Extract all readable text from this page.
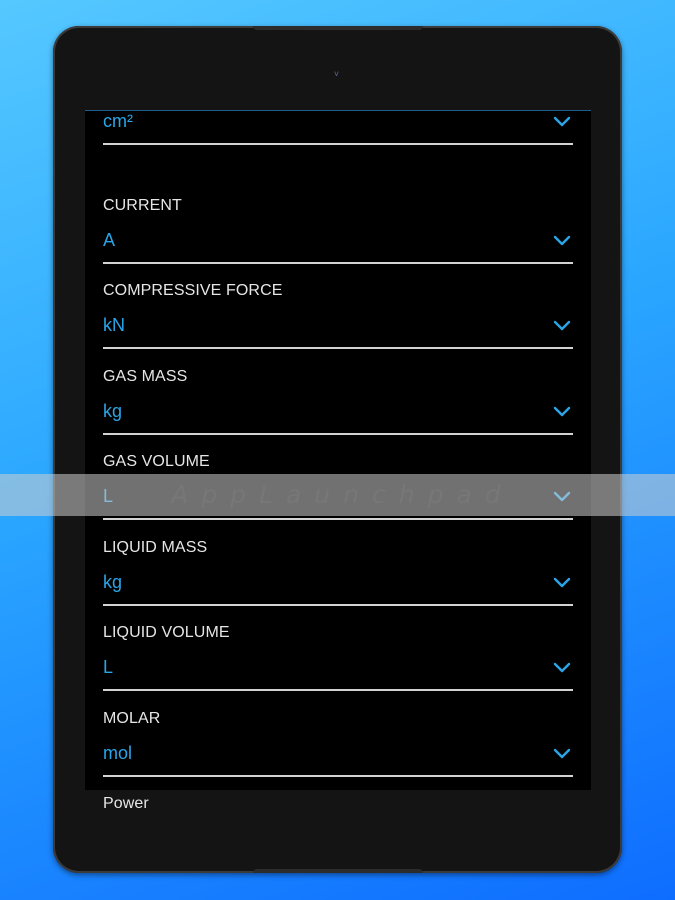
˅
cm²
CURRENT
A
COMPRESSIVE FORCE
kN
GAS MASS
kg
GAS VOLUME
LIQUID MASS
kg
LIQUID VOLUME
L
MOLAR
mol
Power
AppLaunchpad
